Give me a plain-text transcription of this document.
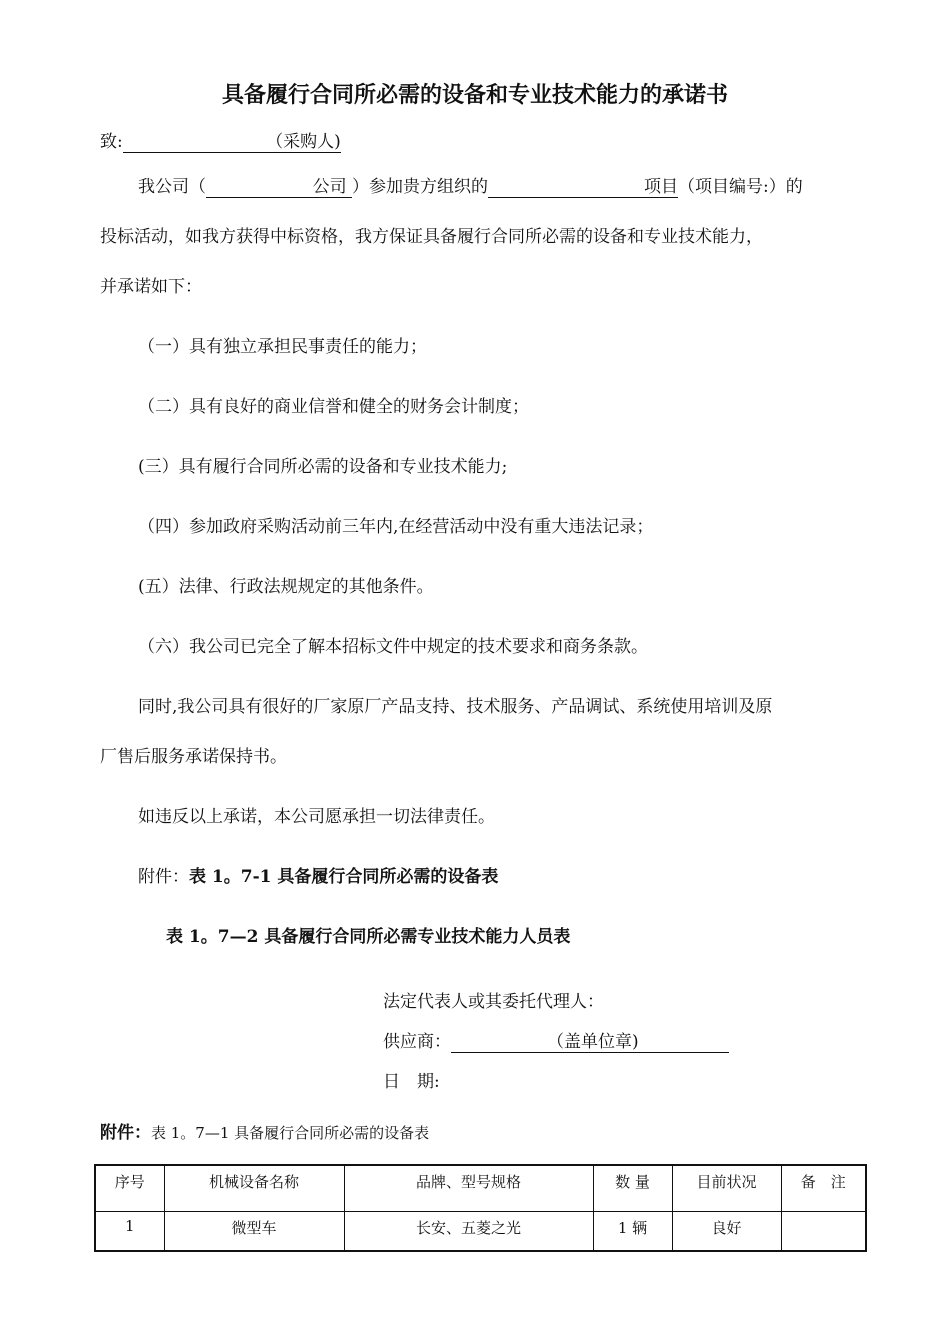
具备履行合同所必需的设备和专业技术能力的承诺书
致:	（采购人)
我公司（	公司 ）参加贵方组织的	项目（项目编号:）的
投标活动，如我方获得中标资格，我方保证具备履行合同所必需的设备和专业技术能力，
并承诺如下：
（一）具有独立承担民事责任的能力；
（二）具有良好的商业信誉和健全的财务会计制度；
(三）具有履行合同所必需的设备和专业技术能力;
（四）参加政府采购活动前三年内,在经营活动中没有重大违法记录；
(五）法律、行政法规规定的其他条件。
（六）我公司已完全了解本招标文件中规定的技术要求和商务条款。
同时,我公司具有很好的厂家原厂产品支持、技术服务、产品调试、系统使用培训及原
厂售后服务承诺保持书。
如违反以上承诺，本公司愿承担一切法律责任。
附件：表 1。7-1 具备履行合同所必需的设备表
表 1。7—2 具备履行合同所必需专业技术能力人员表
法定代表人或其委托代理人：
供应商：	（盖单位章)
日　期:
附件：表 1。7—1 具备履行合同所必需的设备表
序号	机械设备名称	品牌、型号规格	数 量	目前状况	备　注
1	微型车	长安、五菱之光	1 辆	良好	
